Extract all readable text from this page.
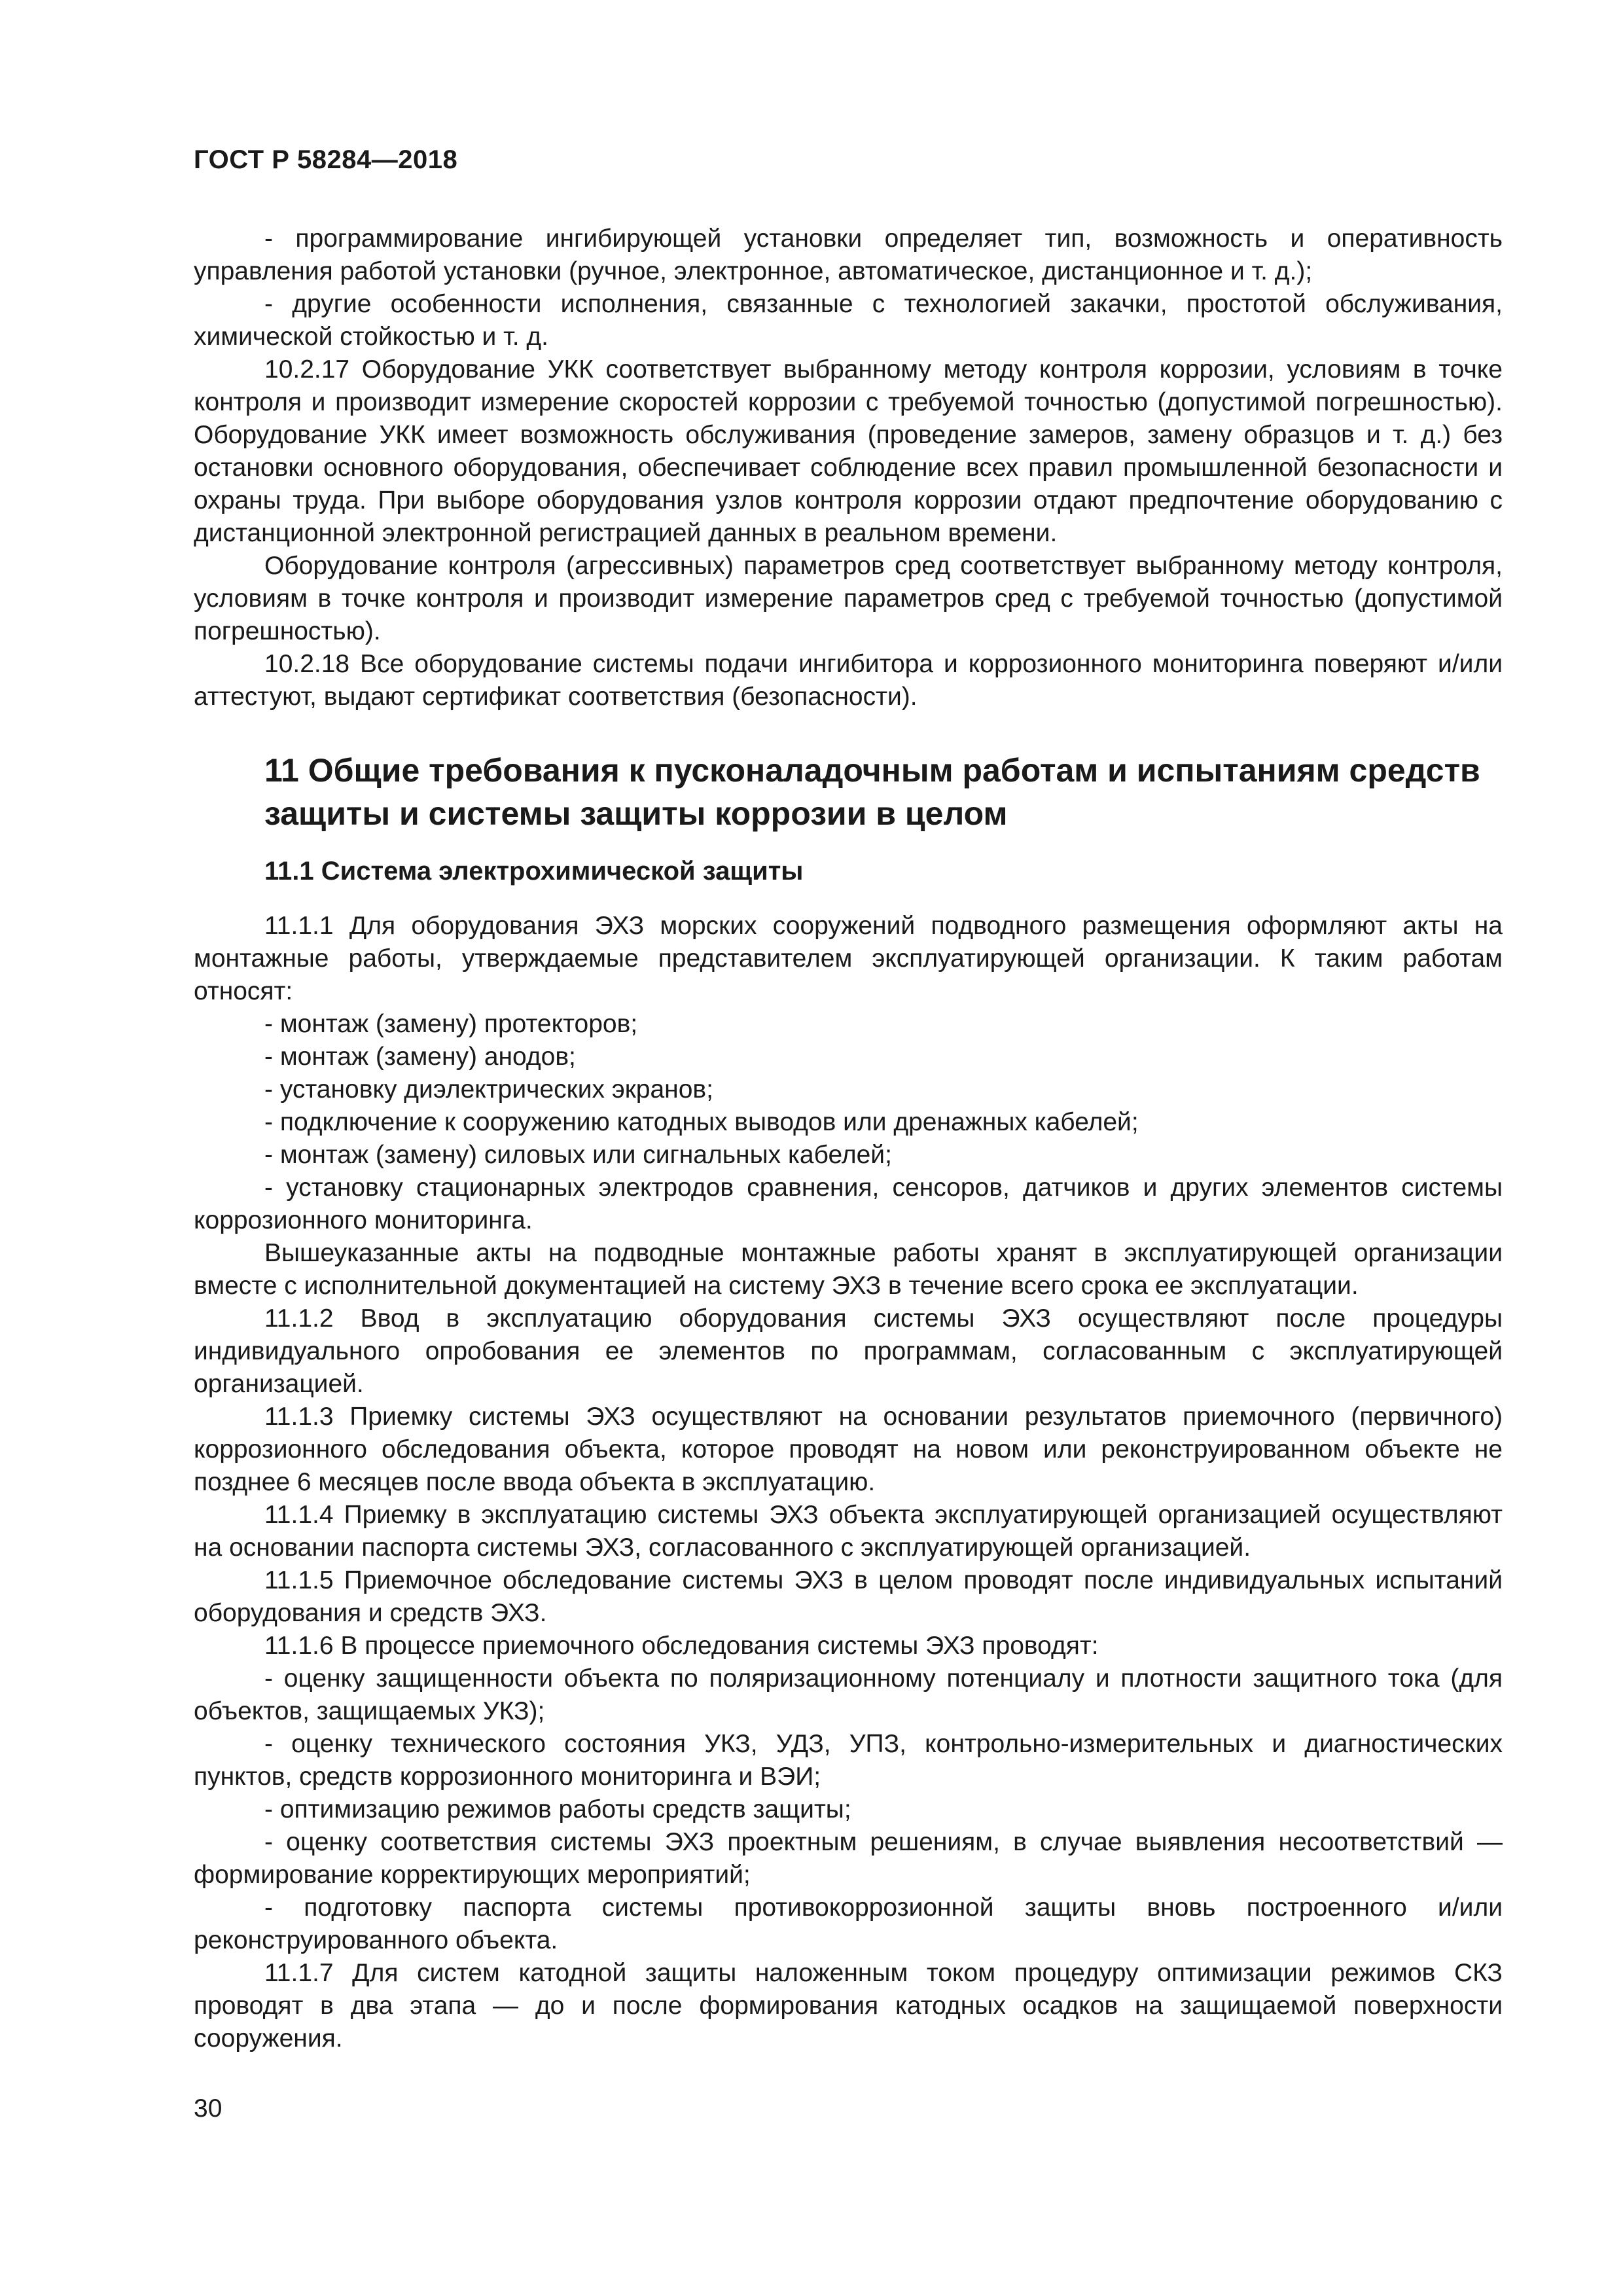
ГОСТ Р 58284—2018

- программирование ингибирующей установки определяет тип, возможность и оперативность управления работой установки (ручное, электронное, автоматическое, дистанционное и т. д.);

- другие особенности исполнения, связанные с технологией закачки, простотой обслуживания, химической стойкостью и т. д.

10.2.17 Оборудование УКК соответствует выбранному методу контроля коррозии, условиям в точке контроля и производит измерение скоростей коррозии с требуемой точностью (допустимой погрешностью). Оборудование УКК имеет возможность обслуживания (проведение замеров, замену образцов и т. д.) без остановки основного оборудования, обеспечивает соблюдение всех правил промышленной безопасности и охраны труда. При выборе оборудования узлов контроля коррозии отдают предпочтение оборудованию с дистанционной электронной регистрацией данных в реальном времени.

Оборудование контроля (агрессивных) параметров сред соответствует выбранному методу контроля, условиям в точке контроля и производит измерение параметров сред с требуемой точностью (допустимой погрешностью).

10.2.18 Все оборудование системы подачи ингибитора и коррозионного мониторинга поверяют и/или аттестуют, выдают сертификат соответствия (безопасности).

11 Общие требования к пусконаладочным работам и испытаниям средств
защиты и системы защиты коррозии в целом
11.1 Система электрохимической защиты

11.1.1 Для оборудования ЭХЗ морских сооружений подводного размещения оформляют акты на монтажные работы, утверждаемые представителем эксплуатирующей организации. К таким работам относят:

- монтаж (замену) протекторов;

- монтаж (замену) анодов;

- установку диэлектрических экранов;

- подключение к сооружению катодных выводов или дренажных кабелей;

- монтаж (замену) силовых или сигнальных кабелей;

- установку стационарных электродов сравнения, сенсоров, датчиков и других элементов системы коррозионного мониторинга.

Вышеуказанные акты на подводные монтажные работы хранят в эксплуатирующей организации вместе с исполнительной документацией на систему ЭХЗ в течение всего срока ее эксплуатации.

11.1.2 Ввод в эксплуатацию оборудования системы ЭХЗ осуществляют после процедуры индивидуального опробования ее элементов по программам, согласованным с эксплуатирующей организацией.

11.1.3 Приемку системы ЭХЗ осуществляют на основании результатов приемочного (первичного) коррозионного обследования объекта, которое проводят на новом или реконструированном объекте не позднее 6 месяцев после ввода объекта в эксплуатацию.

11.1.4 Приемку в эксплуатацию системы ЭХЗ объекта эксплуатирующей организацией осуществляют на основании паспорта системы ЭХЗ, согласованного с эксплуатирующей организацией.

11.1.5 Приемочное обследование системы ЭХЗ в целом проводят после индивидуальных испытаний оборудования и средств ЭХЗ.

11.1.6 В процессе приемочного обследования системы ЭХЗ проводят:

- оценку защищенности объекта по поляризационному потенциалу и плотности защитного тока (для объектов, защищаемых УКЗ);

- оценку технического состояния УКЗ, УДЗ, УПЗ, контрольно-измерительных и диагностических пунктов, средств коррозионного мониторинга и ВЭИ;

- оптимизацию режимов работы средств защиты;

- оценку соответствия системы ЭХЗ проектным решениям, в случае выявления несоответствий — формирование корректирующих мероприятий;

- подготовку паспорта системы противокоррозионной защиты вновь построенного и/или реконструированного объекта.

11.1.7 Для систем катодной защиты наложенным током процедуру оптимизации режимов СКЗ проводят в два этапа — до и после формирования катодных осадков на защищаемой поверхности сооружения.

30
